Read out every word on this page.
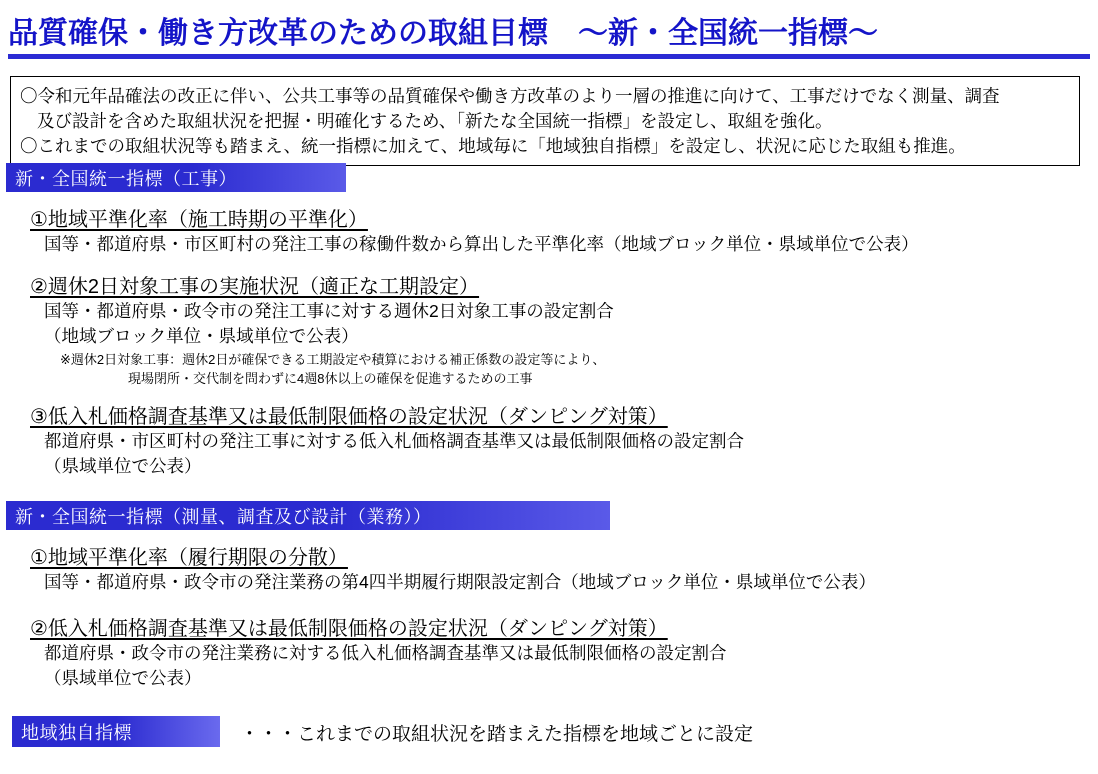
品質確保・働き方改革のための取組目標　～新・全国統一指標～
〇令和元年品確法の改正に伴い、公共工事等の品質確保や働き方改革のより一層の推進に向けて、工事だけでなく測量、調査
及び設計を含めた取組状況を把握・明確化するため、「新たな全国統一指標」を設定し、取組を強化。
〇これまでの取組状況等も踏まえ、統一指標に加えて、地域毎に「地域独自指標」を設定し、状況に応じた取組も推進。
新・全国統一指標（工事）
①地域平準化率（施工時期の平準化）
国等・都道府県・市区町村の発注工事の稼働件数から算出した平準化率（地域ブロック単位・県域単位で公表）
②週休2日対象工事の実施状況（適正な工期設定）
国等・都道府県・政令市の発注工事に対する週休2日対象工事の設定割合
（地域ブロック単位・県域単位で公表）
※週休2日対象工事：週休2日が確保できる工期設定や積算における補正係数の設定等により、
現場閉所・交代制を問わずに4週8休以上の確保を促進するための工事
③低入札価格調査基準又は最低制限価格の設定状況（ダンピング対策）
都道府県・市区町村の発注工事に対する低入札価格調査基準又は最低制限価格の設定割合
（県域単位で公表）
新・全国統一指標（測量、調査及び設計（業務））
①地域平準化率（履行期限の分散）
国等・都道府県・政令市の発注業務の第4四半期履行期限設定割合（地域ブロック単位・県域単位で公表）
②低入札価格調査基準又は最低制限価格の設定状況（ダンピング対策）
都道府県・政令市の発注業務に対する低入札価格調査基準又は最低制限価格の設定割合
（県域単位で公表）
地域独自指標	・・・これまでの取組状況を踏まえた指標を地域ごとに設定
